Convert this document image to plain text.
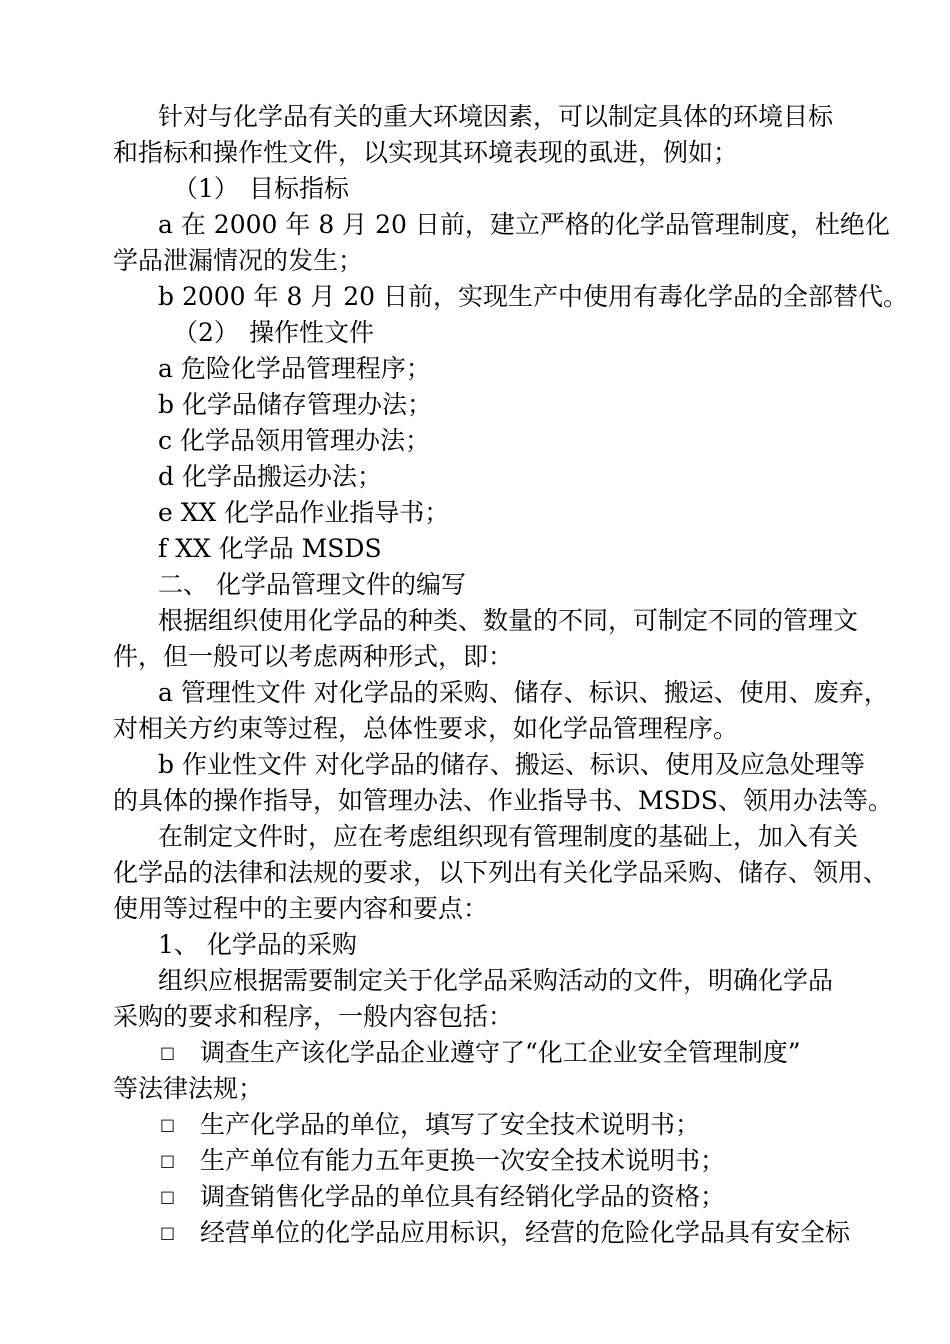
针对与化学品有关的重大环境因素，可以制定具体的环境目标
和指标和操作性文件，以实现其环境表现的虱进，例如；
（1） 目标指标
a 在 2000 年 8 月 20 日前，建立严格的化学品管理制度，杜绝化
学品泄漏情况的发生；
b 2000 年 8 月 20 日前，实现生产中使用有毒化学品的全部替代。
（2） 操作性文件
a 危险化学品管理程序；
b 化学品储存管理办法；
c 化学品领用管理办法；
d 化学品搬运办法；
e XX 化学品作业指导书；
f XX 化学品 MSDS
二、 化学品管理文件的编写
根据组织使用化学品的种类、数量的不同，可制定不同的管理文
件，但一般可以考虑两种形式，即：
a 管理性文件 对化学品的采购、储存、标识、搬运、使用、废弃，
对相关方约束等过程，总体性要求，如化学品管理程序。
b 作业性文件 对化学品的储存、搬运、标识、使用及应急处理等
的具体的操作指导，如管理办法、作业指导书、MSDS、领用办法等。
在制定文件时，应在考虑组织现有管理制度的基础上，加入有关
化学品的法律和法规的要求，以下列出有关化学品采购、储存、领用、
使用等过程中的主要内容和要点：
1、 化学品的采购
组织应根据需要制定关于化学品采购活动的文件，明确化学品
采购的要求和程序，一般内容包括：
□ 调查生产该化学品企业遵守了“化工企业安全管理制度”
等法律法规；
□ 生产化学品的单位，填写了安全技术说明书；
□ 生产单位有能力五年更换一次安全技术说明书；
□ 调查销售化学品的单位具有经销化学品的资格；
□ 经营单位的化学品应用标识，经营的危险化学品具有安全标
